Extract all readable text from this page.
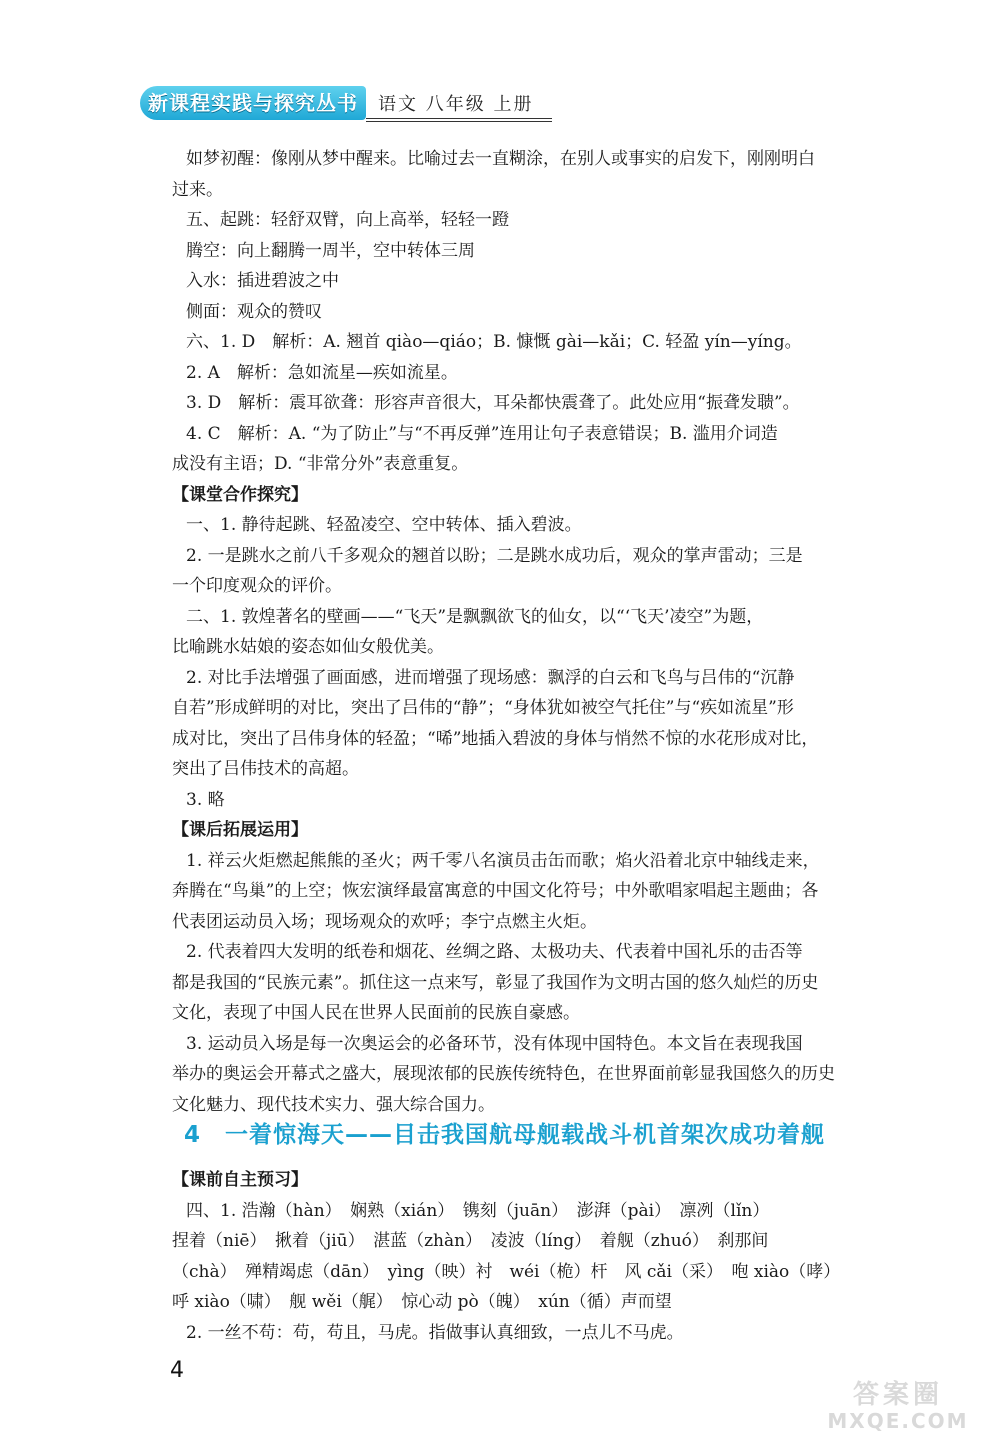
新课程实践与探究丛书	语文 八年级 上册
如梦初醒：像刚从梦中醒来。比喻过去一直糊涂，在别人或事实的启发下，刚刚明白
过来。
五、起跳：轻舒双臂，向上高举，轻轻一蹬
腾空：向上翻腾一周半，空中转体三周
入水：插进碧波之中
侧面：观众的赞叹
六、1. D　解析：A. 翘首 qiào—qiáo；B. 慷慨 gài—kǎi；C. 轻盈 yín—yíng。
2. A　解析：急如流星—疾如流星。
3. D　解析：震耳欲聋：形容声音很大，耳朵都快震聋了。此处应用“振聋发聩”。
4. C　解析：A. “为了防止”与“不再反弹”连用让句子表意错误；B. 滥用介词造
成没有主语；D. “非常分外”表意重复。
【课堂合作探究】
一、1. 静待起跳、轻盈凌空、空中转体、插入碧波。
2. 一是跳水之前八千多观众的翘首以盼；二是跳水成功后，观众的掌声雷动；三是
一个印度观众的评价。
二、1. 敦煌著名的壁画——“飞天”是飘飘欲飞的仙女，以“‘飞天’凌空”为题，
比喻跳水姑娘的姿态如仙女般优美。
2. 对比手法增强了画面感，进而增强了现场感：飘浮的白云和飞鸟与吕伟的“沉静
自若”形成鲜明的对比，突出了吕伟的“静”；“身体犹如被空气托住”与“疾如流星”形
成对比，突出了吕伟身体的轻盈；“唏”地插入碧波的身体与悄然不惊的水花形成对比，
突出了吕伟技术的高超。
3. 略
【课后拓展运用】
1. 祥云火炬燃起熊熊的圣火；两千零八名演员击缶而歌；焰火沿着北京中轴线走来，
奔腾在“鸟巢”的上空；恢宏演绎最富寓意的中国文化符号；中外歌唱家唱起主题曲；各
代表团运动员入场；现场观众的欢呼；李宁点燃主火炬。
2. 代表着四大发明的纸卷和烟花、丝绸之路、太极功夫、代表着中国礼乐的击否等
都是我国的“民族元素”。抓住这一点来写，彰显了我国作为文明古国的悠久灿烂的历史
文化，表现了中国人民在世界人民面前的民族自豪感。
3. 运动员入场是每一次奥运会的必备环节，没有体现中国特色。本文旨在表现我国
举办的奥运会开幕式之盛大，展现浓郁的民族传统特色，在世界面前彰显我国悠久的历史
文化魅力、现代技术实力、强大综合国力。
4　一着惊海天——目击我国航母舰载战斗机首架次成功着舰
【课前自主预习】
四、1. 浩瀚（hàn）　娴熟（xián）　镌刻（juān）　澎湃（pài）　凛冽（lǐn）
捏着（niē）　揪着（jiū）　湛蓝（zhàn）　凌波（líng）　着舰（zhuó）　刹那间
（chà）　殚精竭虑（dān）　yìng（映）衬　wéi（桅）杆　风 cǎi（采）　咆 xiào（哮）
呼 xiào（啸）　舰 wěi（艉）　惊心动 pò（魄）　xún（循）声而望
2. 一丝不苟：苟，苟且，马虎。指做事认真细致，一点儿不马虎。
4
答案圈
MXQE.COM
